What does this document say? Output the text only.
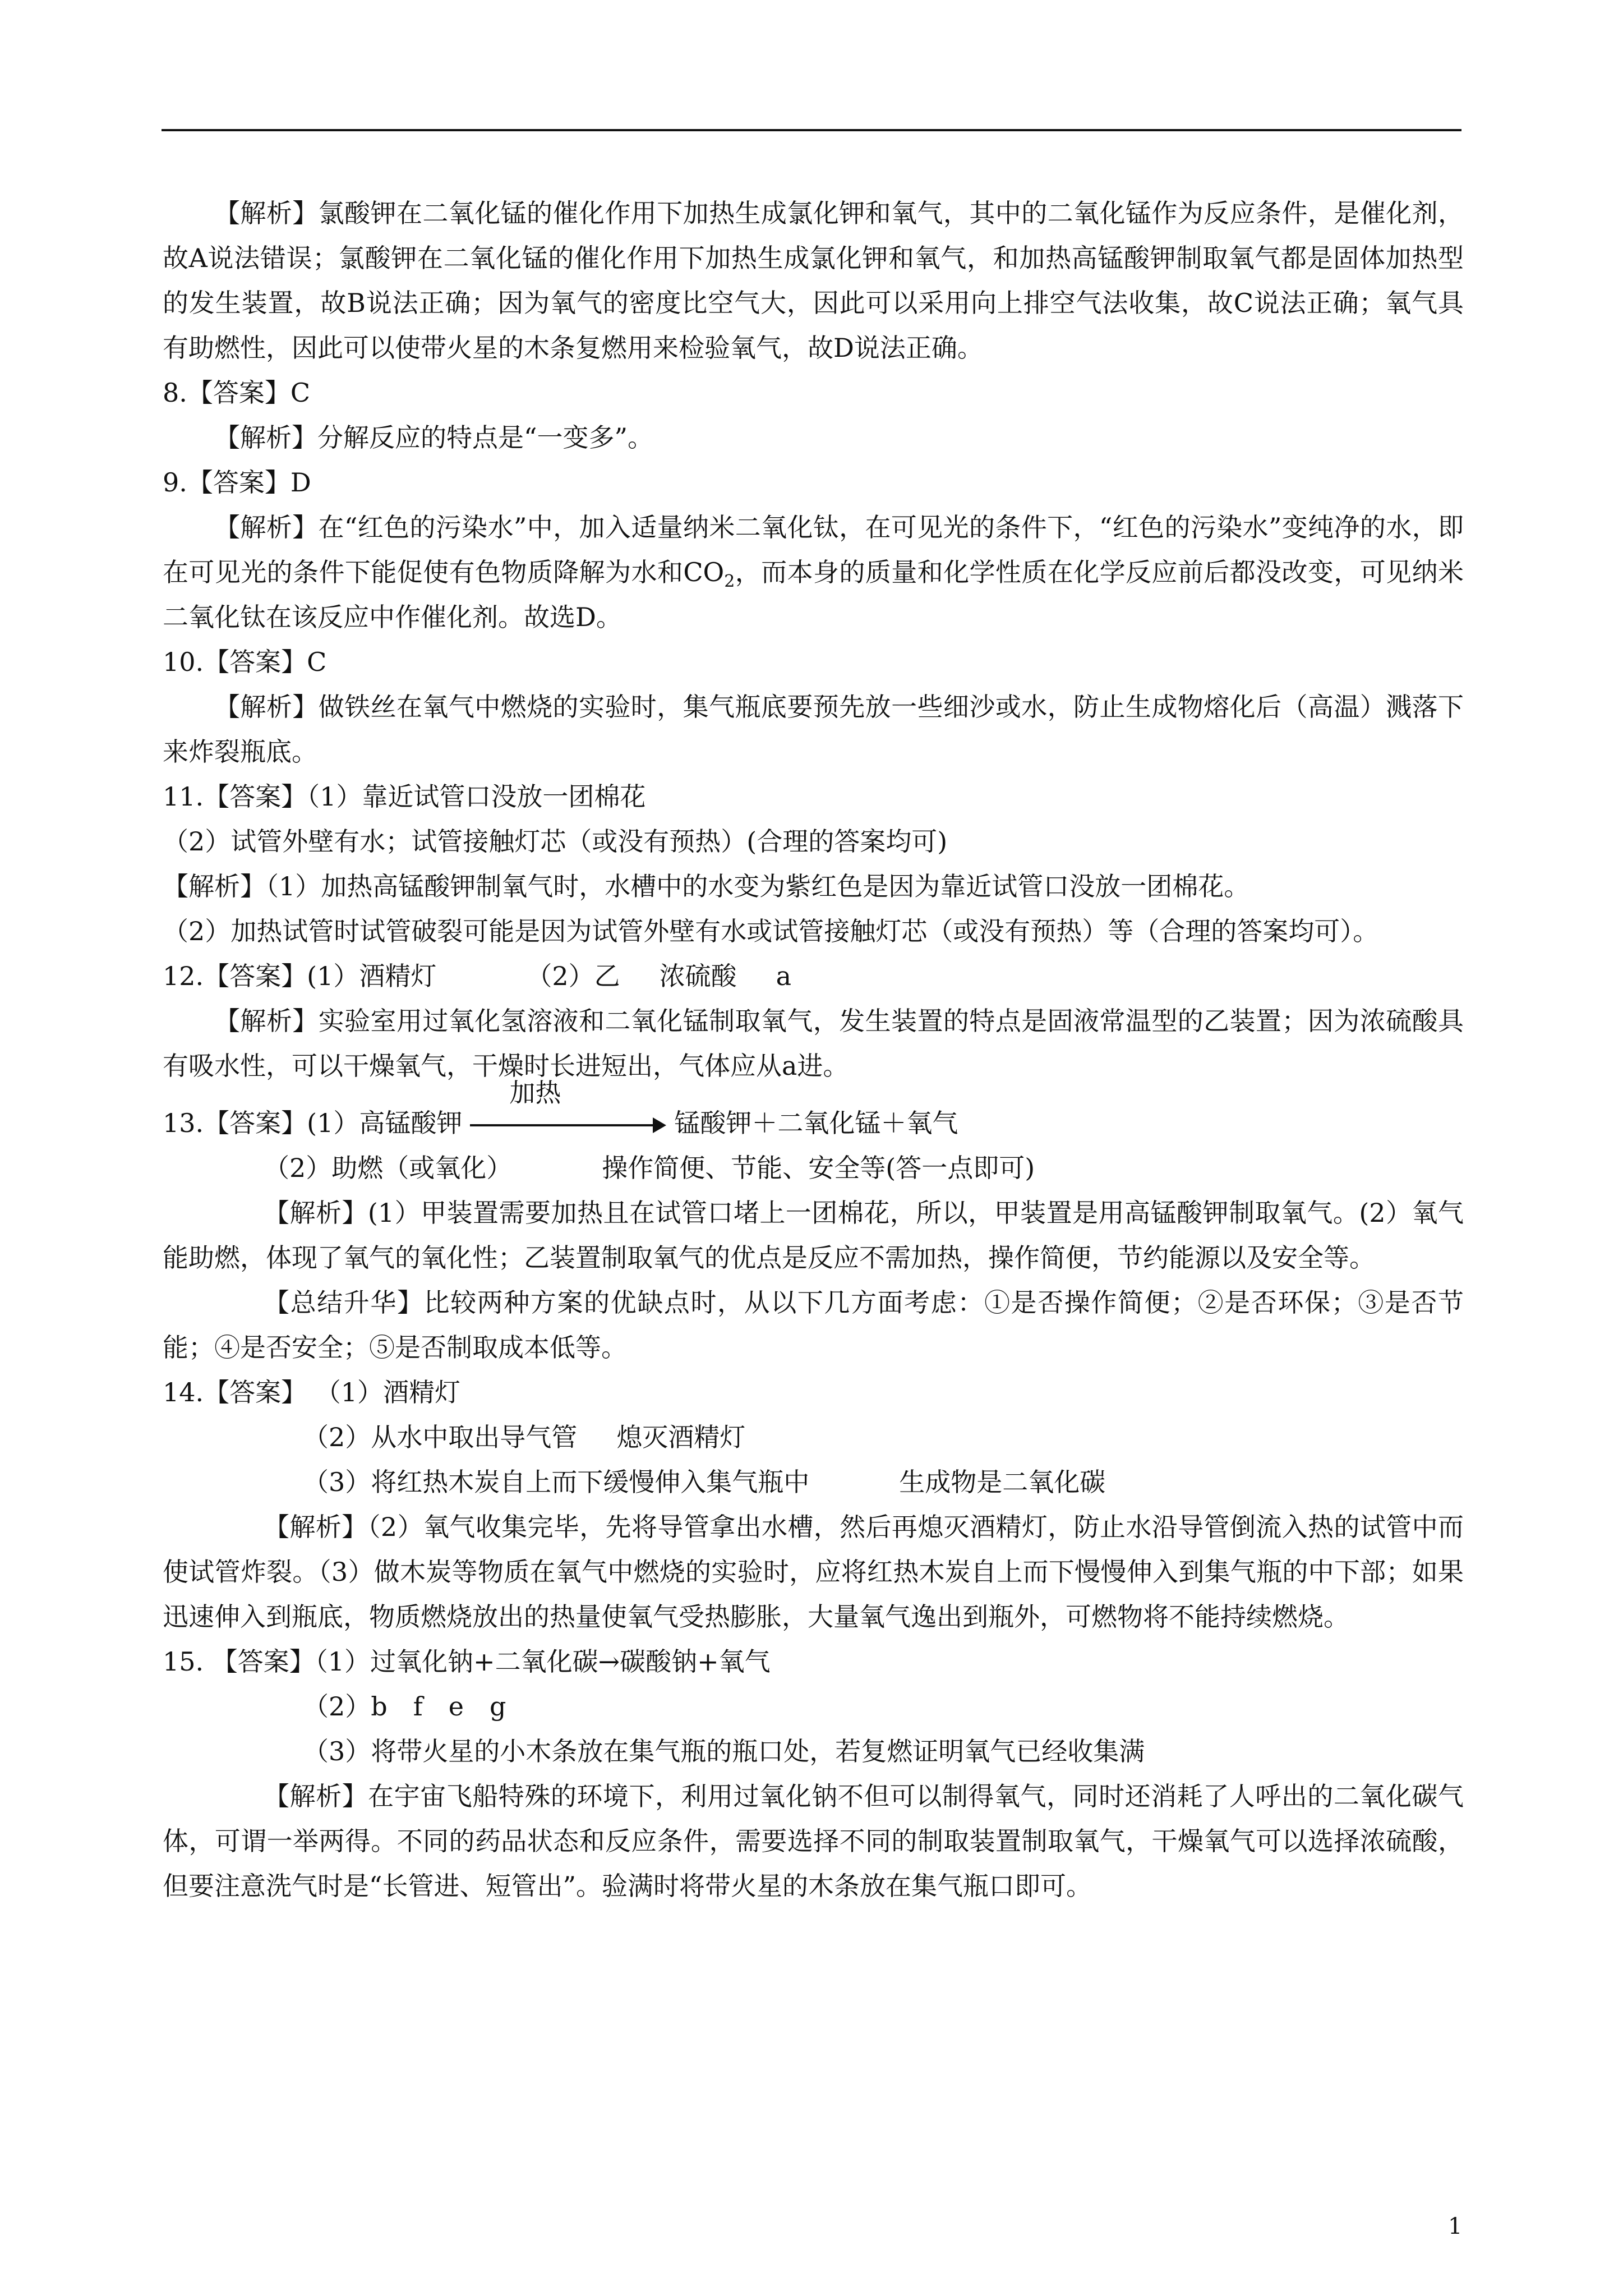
【解析】氯酸钾在二氧化锰的催化作用下加热生成氯化钾和氧气，其中的二氧化锰作为反应条件，是催化剂，故A说法错误；氯酸钾在二氧化锰的催化作用下加热生成氯化钾和氧气，和加热高锰酸钾制取氧气都是固体加热型的发生装置，故B说法正确；因为氧气的密度比空气大，因此可以采用向上排空气法收集，故C说法正确；氧气具有助燃性，因此可以使带火星的木条复燃用来检验氧气，故D说法正确。

8.【答案】C

【解析】分解反应的特点是“一变多”。

9.【答案】D

【解析】在“红色的污染水”中，加入适量纳米二氧化钛，在可见光的条件下，“红色的污染水”变纯净的水，即在可见光的条件下能促使有色物质降解为水和$CO_2$，而本身的质量和化学性质在化学反应前后都没改变，可见纳米二氧化钛在该反应中作催化剂。故选D。

10.【答案】C

【解析】做铁丝在氧气中燃烧的实验时，集气瓶底要预先放一些细沙或水，防止生成物熔化后（高温）溅落下来炸裂瓶底。

11.【答案】（1）靠近试管口没放一团棉花

（2）试管外壁有水；试管接触灯芯（或没有预热）(合理的答案均可)

【解析】（1）加热高锰酸钾制氧气时，水槽中的水变为紫红色是因为靠近试管口没放一团棉花。

（2）加热试管时试管破裂可能是因为试管外壁有水或试管接触灯芯（或没有预热）等（合理的答案均可）。

12.【答案】(1）酒精灯	（2）乙 浓硫酸 a

【解析】实验室用过氧化氢溶液和二氧化锰制取氧气，发生装置的特点是固液常温型的乙装置；因为浓硫酸具有吸水性，可以干燥氧气，干燥时长进短出，气体应从a进。

13.【答案】(1）高锰酸钾
加热
锰酸钾＋二氧化锰＋氧气

（2）助燃（或氧化）	操作简便、节能、安全等(答一点即可)

【解析】(1）甲装置需要加热且在试管口堵上一团棉花，所以，甲装置是用高锰酸钾制取氧气。(2）氧气能助燃，体现了氧气的氧化性；乙装置制取氧气的优点是反应不需加热，操作简便，节约能源以及安全等。

【总结升华】比较两种方案的优缺点时，从以下几方面考虑：①是否操作简便；②是否环保；③是否节能；④是否安全；⑤是否制取成本低等。

14.【答案】 （1）酒精灯

（2）从水中取出导气管 熄灭酒精灯

（3）将红热木炭自上而下缓慢伸入集气瓶中	生成物是二氧化碳

【解析】（2）氧气收集完毕，先将导管拿出水槽，然后再熄灭酒精灯，防止水沿导管倒流入热的试管中而使试管炸裂。（3）做木炭等物质在氧气中燃烧的实验时，应将红热木炭自上而下慢慢伸入到集气瓶的中下部；如果迅速伸入到瓶底，物质燃烧放出的热量使氧气受热膨胀，大量氧气逸出到瓶外，可燃物将不能持续燃烧。

15. 【答案】（1）过氧化钠+二氧化碳→碳酸钠+氧气

（2）b　f　e　g

（3）将带火星的小木条放在集气瓶的瓶口处，若复燃证明氧气已经收集满

【解析】在宇宙飞船特殊的环境下，利用过氧化钠不但可以制得氧气，同时还消耗了人呼出的二氧化碳气体，可谓一举两得。不同的药品状态和反应条件，需要选择不同的制取装置制取氧气，干燥氧气可以选择浓硫酸，但要注意洗气时是“长管进、短管出”。验满时将带火星的木条放在集气瓶口即可。

1
